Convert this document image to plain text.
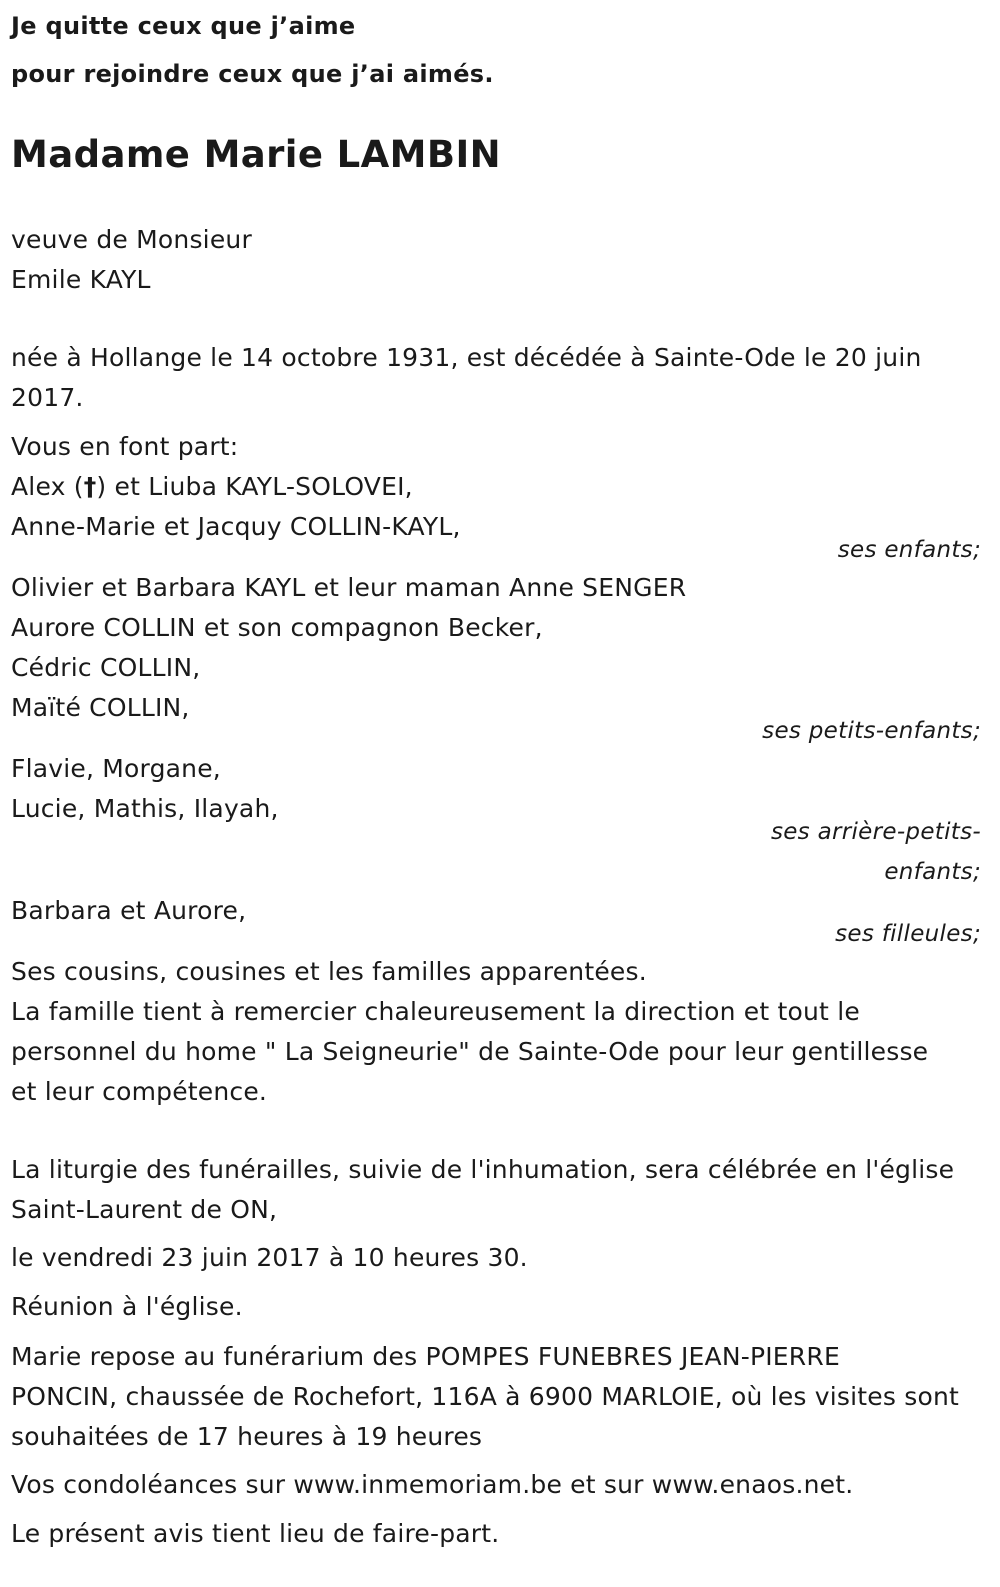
Je quitte ceux que j’aime
pour rejoindre ceux que j’ai aimés.
Madame Marie LAMBIN
veuve de Monsieur
Emile KAYL
née à Hollange le 14 octobre 1931, est décédée à Sainte-Ode le 20 juin
2017.
Vous en font part:
Alex (†) et Liuba KAYL-SOLOVEI,
Anne-Marie et Jacquy COLLIN-KAYL,
ses enfants;
Olivier et Barbara KAYL et leur maman Anne SENGER
Aurore COLLIN et son compagnon Becker,
Cédric COLLIN,
Maïté COLLIN,
ses petits-enfants;
Flavie, Morgane,
Lucie, Mathis, Ilayah,
ses arrière-petits-
enfants;
Barbara et Aurore,
ses filleules;
Ses cousins, cousines et les familles apparentées.
La famille tient à remercier chaleureusement la direction et tout le
personnel du home " La Seigneurie" de Sainte-Ode pour leur gentillesse
et leur compétence.
La liturgie des funérailles, suivie de l'inhumation, sera célébrée en l'église
Saint-Laurent de ON,
le vendredi 23 juin 2017 à 10 heures 30.
Réunion à l'église.
Marie repose au funérarium des POMPES FUNEBRES JEAN-PIERRE
PONCIN, chaussée de Rochefort, 116A à 6900 MARLOIE, où les visites sont
souhaitées de 17 heures à 19 heures
Vos condoléances sur www.inmemoriam.be et sur www.enaos.net.
Le présent avis tient lieu de faire-part.
